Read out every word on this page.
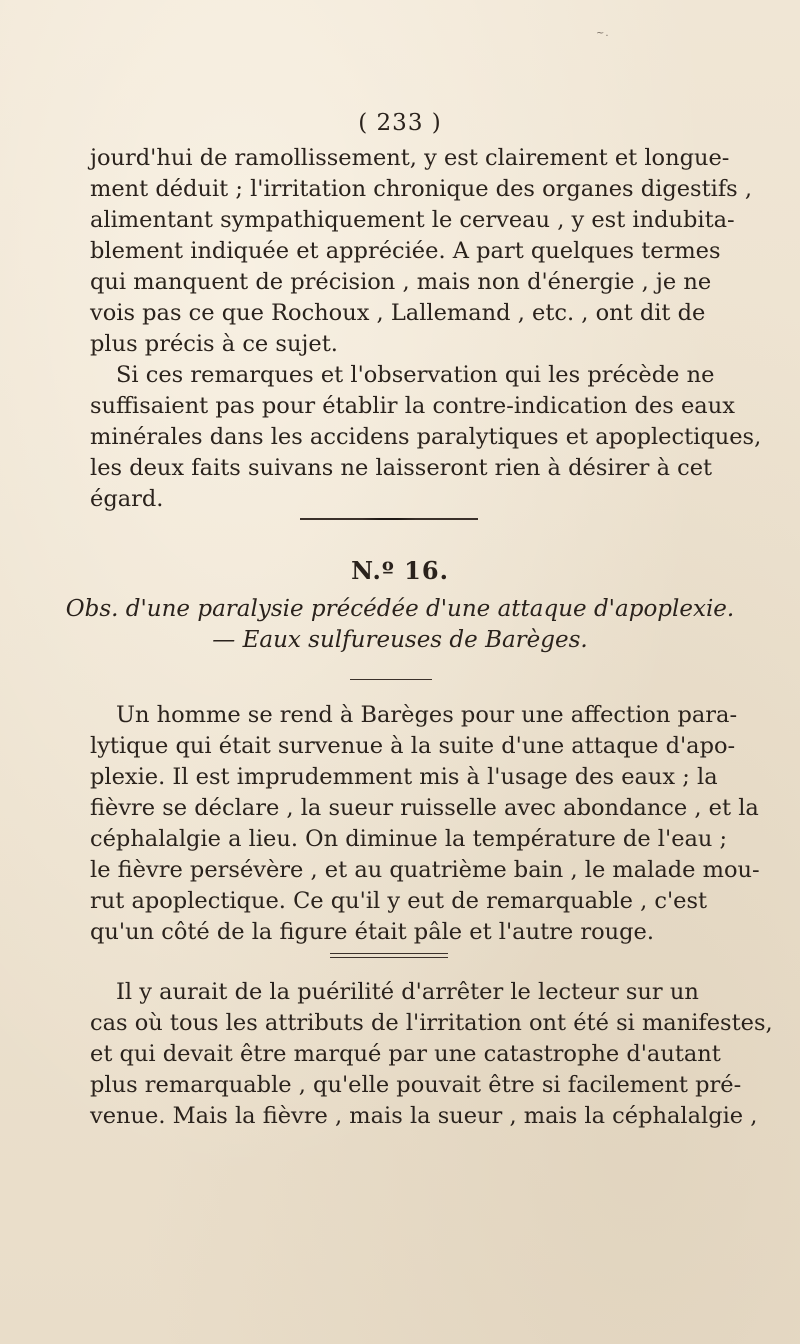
~.
( 233 )
jourd'hui de ramollissement, y est clairement et longue-
ment déduit ; l'irritation chronique des organes digestifs ,
alimentant sympathiquement le cerveau , y est indubita-
blement indiquée et appréciée. A part quelques termes
qui manquent de précision , mais non d'énergie , je ne
vois pas ce que Rochoux , Lallemand , etc. , ont dit de
plus précis à ce sujet.
Si ces remarques et l'observation qui les précède ne
suffisaient pas pour établir la contre-indication des eaux
minérales dans les accidens paralytiques et apoplectiques,
les deux faits suivans ne laisseront rien à désirer à cet
égard.
N.º 16.
Obs. d'une paralysie précédée d'une attaque d'apoplexie.
— Eaux sulfureuses de Barèges.
Un homme se rend à Barèges pour une affection para-
lytique qui était survenue à la suite d'une attaque d'apo-
plexie. Il est imprudemment mis à l'usage des eaux ; la
fièvre se déclare , la sueur ruisselle avec abondance , et la
céphalalgie a lieu. On diminue la température de l'eau ;
le fièvre persévère , et au quatrième bain , le malade mou-
rut apoplectique. Ce qu'il y eut de remarquable , c'est
qu'un côté de la figure était pâle et l'autre rouge.
Il y aurait de la puérilité d'arrêter le lecteur sur un
cas où tous les attributs de l'irritation ont été si manifestes,
et qui devait être marqué par une catastrophe d'autant
plus remarquable , qu'elle pouvait être si facilement pré-
venue. Mais la fièvre , mais la sueur , mais la céphalalgie ,
